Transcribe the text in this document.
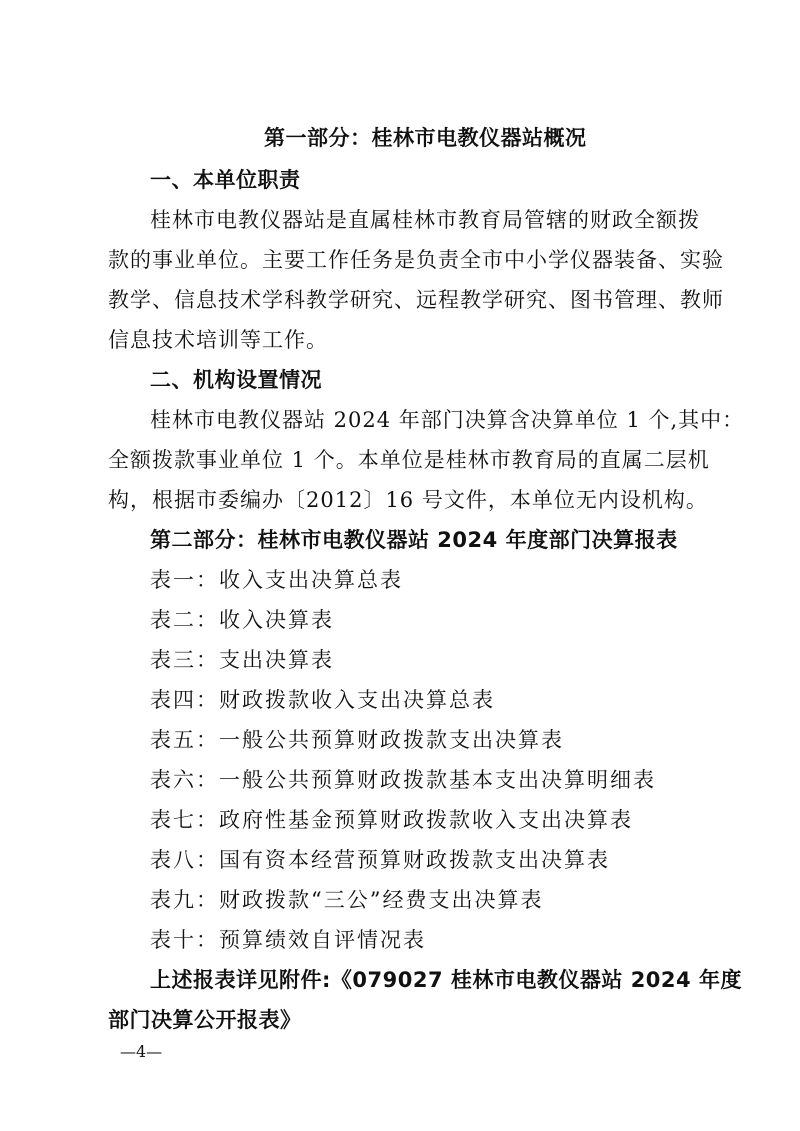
第一部分：桂林市电教仪器站概况
一、本单位职责
桂林市电教仪器站是直属桂林市教育局管辖的财政全额拨
款的事业单位。主要工作任务是负责全市中小学仪器装备、实验
教学、信息技术学科教学研究、远程教学研究、图书管理、教师
信息技术培训等工作。
二、机构设置情况
桂林市电教仪器站 2024 年部门决算含决算单位 1 个,其中：
全额拨款事业单位 1 个。本单位是桂林市教育局的直属二层机
构，根据市委编办〔2012〕16 号文件，本单位无内设机构。
第二部分：桂林市电教仪器站 2024 年度部门决算报表
表一：收入支出决算总表
表二：收入决算表
表三：支出决算表
表四：财政拨款收入支出决算总表
表五：一般公共预算财政拨款支出决算表
表六：一般公共预算财政拨款基本支出决算明细表
表七：政府性基金预算财政拨款收入支出决算表
表八：国有资本经营预算财政拨款支出决算表
表九：财政拨款“三公”经费支出决算表
表十：预算绩效自评情况表
上述报表详见附件:《079027 桂林市电教仪器站 2024 年度
部门决算公开报表》
—4—
